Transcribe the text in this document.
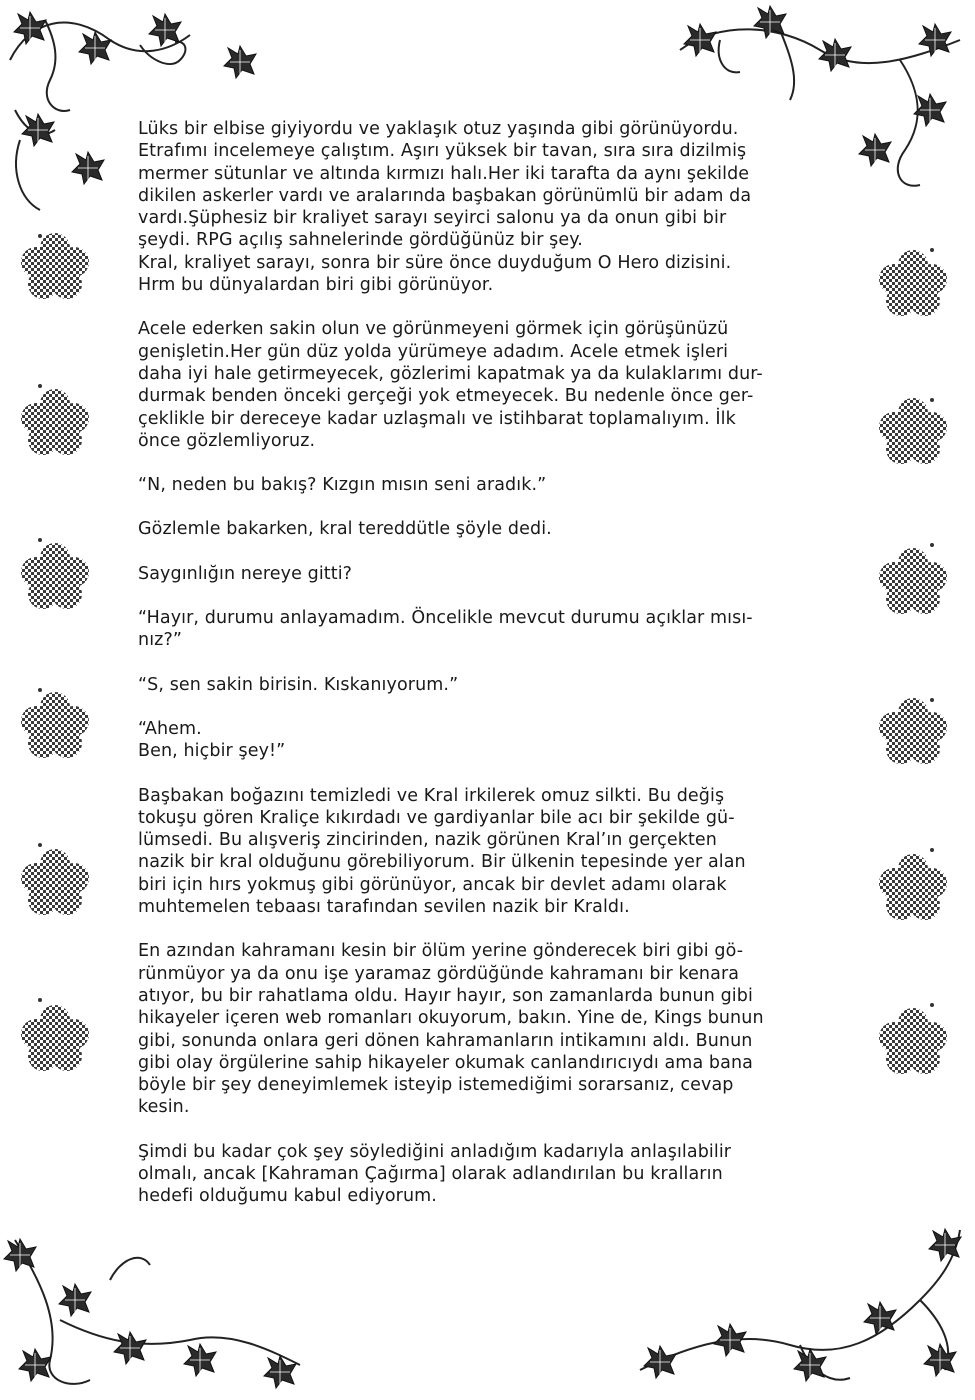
Lüks bir elbise giyiyordu ve yaklaşık otuz yaşında gibi görünüyordu.
Etrafımı incelemeye çalıştım. Aşırı yüksek bir tavan, sıra sıra dizilmiş
mermer sütunlar ve altında kırmızı halı.Her iki tarafta da aynı şekilde
dikilen askerler vardı ve aralarında başbakan görünümlü bir adam da
vardı.Şüphesiz bir kraliyet sarayı seyirci salonu ya da onun gibi bir
şeydi. RPG açılış sahnelerinde gördüğünüz bir şey.
Kral, kraliyet sarayı, sonra bir süre önce duyduğum O Hero dizisini.
Hrm bu dünyalardan biri gibi görünüyor.

Acele ederken sakin olun ve görünmeyeni görmek için görüşünüzü
genişletin.Her gün düz yolda yürümeye adadım. Acele etmek işleri
daha iyi hale getirmeyecek, gözlerimi kapatmak ya da kulaklarımı dur-
durmak benden önceki gerçeği yok etmeyecek. Bu nedenle önce ger-
çeklikle bir dereceye kadar uzlaşmalı ve istihbarat toplamalıyım. İlk
önce gözlemliyoruz.

“N, neden bu bakış? Kızgın mısın seni aradık.”

Gözlemle bakarken, kral tereddütle şöyle dedi.

Saygınlığın nereye gitti?

“Hayır, durumu anlayamadım. Öncelikle mevcut durumu açıklar mısı-
nız?”

“S, sen sakin birisin. Kıskanıyorum.”

“Ahem.
Ben, hiçbir şey!”

Başbakan boğazını temizledi ve Kral irkilerek omuz silkti. Bu değiş
tokuşu gören Kraliçe kıkırdadı ve gardiyanlar bile acı bir şekilde gü-
lümsedi. Bu alışveriş zincirinden, nazik görünen Kral’ın gerçekten
nazik bir kral olduğunu görebiliyorum. Bir ülkenin tepesinde yer alan
biri için hırs yokmuş gibi görünüyor, ancak bir devlet adamı olarak
muhtemelen tebaası tarafından sevilen nazik bir Kraldı.

En azından kahramanı kesin bir ölüm yerine gönderecek biri gibi gö-
rünmüyor ya da onu işe yaramaz gördüğünde kahramanı bir kenara
atıyor, bu bir rahatlama oldu. Hayır hayır, son zamanlarda bunun gibi
hikayeler içeren web romanları okuyorum, bakın. Yine de, Kings bunun
gibi, sonunda onlara geri dönen kahramanların intikamını aldı. Bunun
gibi olay örgülerine sahip hikayeler okumak canlandırıcıydı ama bana
böyle bir şey deneyimlemek isteyip istemediğimi sorarsanız, cevap
kesin.

Şimdi bu kadar çok şey söylediğini anladığım kadarıyla anlaşılabilir
olmalı, ancak [Kahraman Çağırma] olarak adlandırılan bu kralların
hedefi olduğumu kabul ediyorum.
